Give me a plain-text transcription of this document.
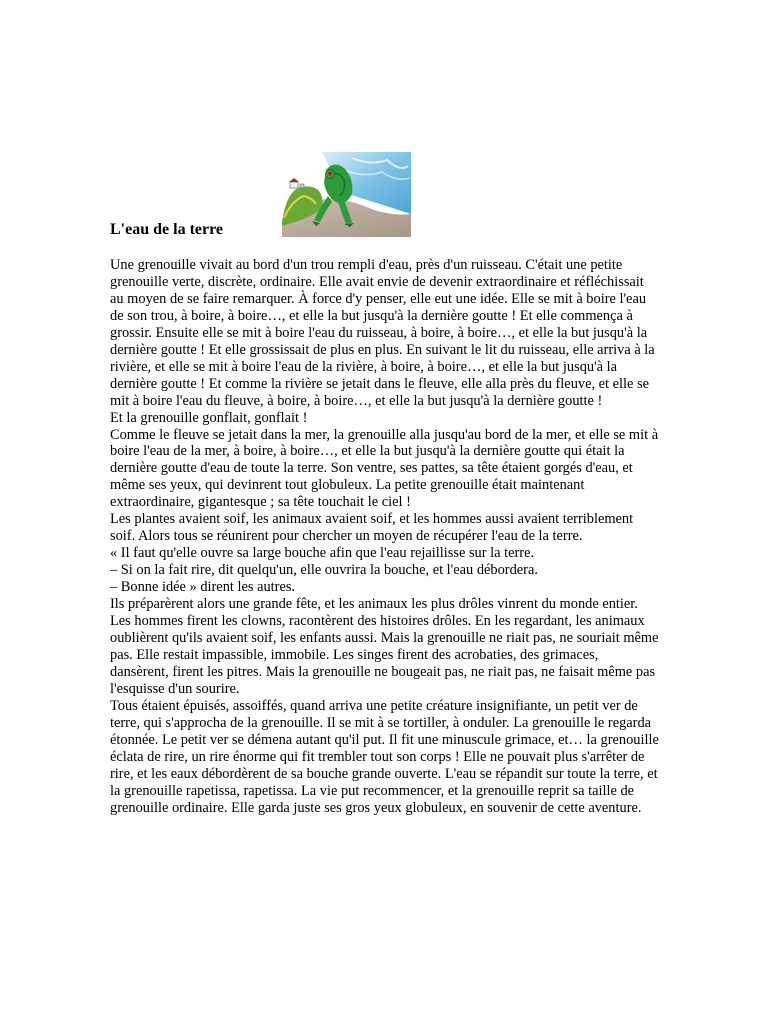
L'eau de la terre

Une grenouille vivait au bord d'un trou rempli d'eau, près d'un ruisseau. C'était une petite grenouille verte, discrète, ordinaire. Elle avait envie de devenir extraordinaire et réfléchissait au moyen de se faire remarquer. À force d'y penser, elle eut une idée. Elle se mit à boire l'eau de son trou, à boire, à boire…, et elle la but jusqu'à la dernière goutte ! Et elle commença à grossir. Ensuite elle se mit à boire l'eau du ruisseau, à boire, à boire…, et elle la but jusqu'à la dernière goutte ! Et elle grossissait de plus en plus. En suivant le lit du ruisseau, elle arriva à la rivière, et elle se mit à boire l'eau de la rivière, à boire, à boire…, et elle la but jusqu'à la dernière goutte ! Et comme la rivière se jetait dans le fleuve, elle alla près du fleuve, et elle se mit à boire l'eau du fleuve, à boire, à boire…, et elle la but jusqu'à la dernière goutte !

Et la grenouille gonflait, gonflait !

Comme le fleuve se jetait dans la mer, la grenouille alla jusqu'au bord de la mer, et elle se mit à boire l'eau de la mer, à boire, à boire…, et elle la but jusqu'à la dernière goutte qui était la dernière goutte d'eau de toute la terre. Son ventre, ses pattes, sa tête étaient gorgés d'eau, et même ses yeux, qui devinrent tout globuleux. La petite grenouille était maintenant extraordinaire, gigantesque ; sa tête touchait le ciel !

Les plantes avaient soif, les animaux avaient soif, et les hommes aussi avaient terriblement soif. Alors tous se réunirent pour chercher un moyen de récupérer l'eau de la terre.

« Il faut qu'elle ouvre sa large bouche afin que l'eau rejaillisse sur la terre.

– Si on la fait rire, dit quelqu'un, elle ouvrira la bouche, et l'eau débordera.

– Bonne idée » dirent les autres.

Ils préparèrent alors une grande fête, et les animaux les plus drôles vinrent du monde entier. Les hommes firent les clowns, racontèrent des histoires drôles. En les regardant, les animaux oublièrent qu'ils avaient soif, les enfants aussi. Mais la grenouille ne riait pas, ne souriait même pas. Elle restait impassible, immobile. Les singes firent des acrobaties, des grimaces, dansèrent, firent les pitres. Mais la grenouille ne bougeait pas, ne riait pas, ne faisait même pas l'esquisse d'un sourire.

Tous étaient épuisés, assoiffés, quand arriva une petite créature insignifiante, un petit ver de terre, qui s'approcha de la grenouille. Il se mit à se tortiller, à onduler. La grenouille le regarda étonnée. Le petit ver se démena autant qu'il put. Il fit une minuscule grimace, et… la grenouille éclata de rire, un rire énorme qui fit trembler tout son corps ! Elle ne pouvait plus s'arrêter de rire, et les eaux débordèrent de sa bouche grande ouverte. L'eau se répandit sur toute la terre, et la grenouille rapetissa, rapetissa. La vie put recommencer, et la grenouille reprit sa taille de grenouille ordinaire. Elle garda juste ses gros yeux globuleux, en souvenir de cette aventure.
